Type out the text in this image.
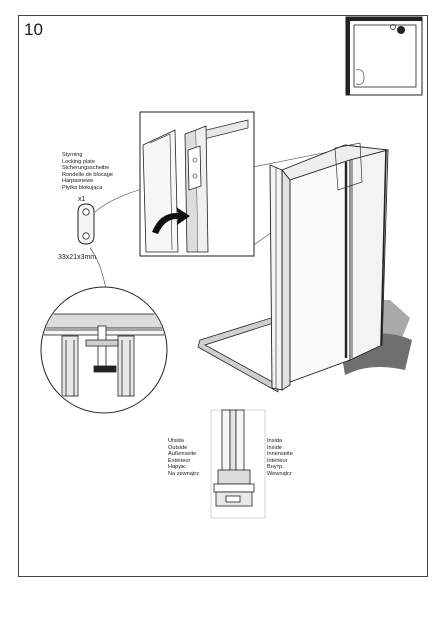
10
Styrning
Locking plate
Sicherungsscheibe
Rondelle de blocage
Harpasnewe
Płytka blokująca
x1
33x21x3mm
Utsida
Outside
Außenseite
Extérieur
Наруж.
Na zewnątrz
Insida
Inside
Innenseite
Intérieur
Внутр.
Wewnątrz
